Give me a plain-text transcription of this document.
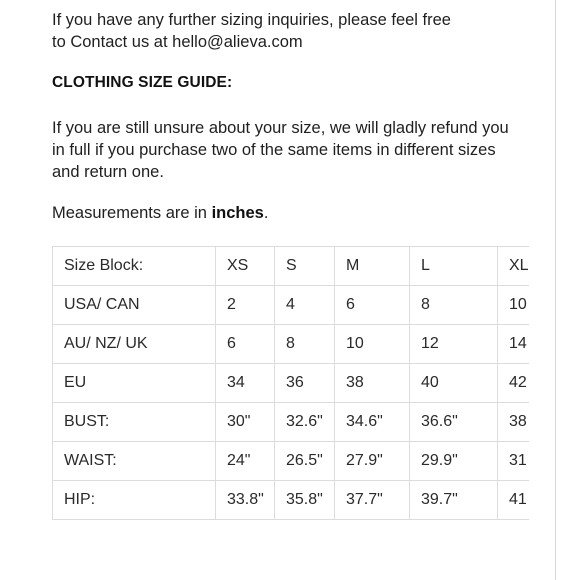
If you have any further sizing inquiries, please feel free
to Contact us at hello@alieva.com
CLOTHING SIZE GUIDE:
If you are still unsure about your size, we will gladly refund you
in full if you purchase two of the same items in different sizes
and return one.
Measurements are in inches.
Size Block:	XS	S	M	L	XL
USA/ CAN	2	4	6	8	10
AU/ NZ/ UK	6	8	10	12	14
EU	34	36	38	40	42
BUST:	30"	32.6"	34.6"	36.6"	38
WAIST:	24"	26.5"	27.9"	29.9"	31
HIP:	33.8"	35.8"	37.7"	39.7"	41
